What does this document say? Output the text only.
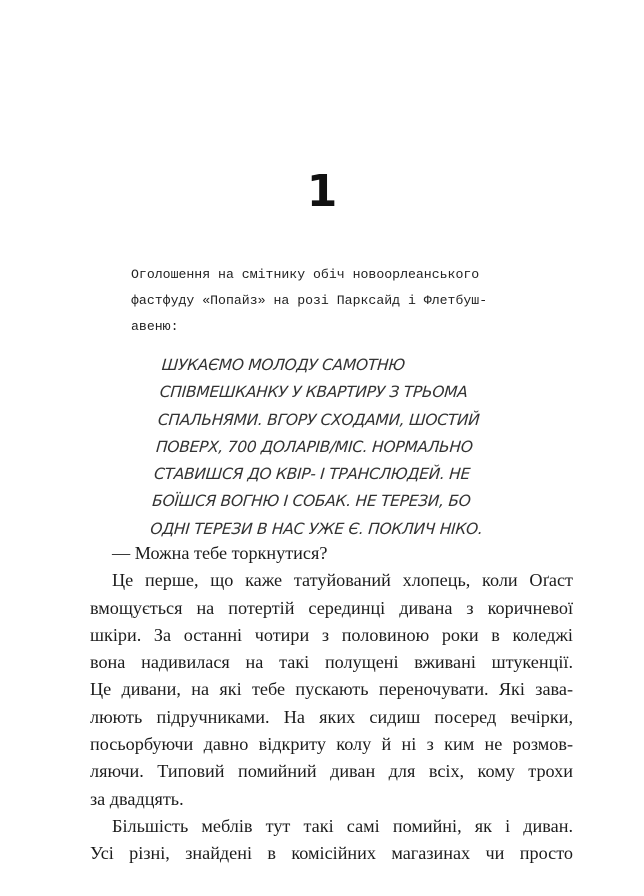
1
Оголошення на смітнику обіч новоорлеанського
фастфуду «Попайз» на розі Парксайд і Флетбуш-
авеню:
ШУКАЄМО МОЛОДУ САМОТНЮ
СПІВМЕШКАНКУ У КВАРТИРУ З ТРЬОМА
СПАЛЬНЯМИ. ВГОРУ СХОДАМИ, ШОСТИЙ
ПОВЕРХ, 700 ДОЛАРІВ/МІС. НОРМАЛЬНО
СТАВИШСЯ ДО КВІР- І ТРАНСЛЮДЕЙ. НЕ
БОЇШСЯ ВОГНЮ І СОБАК. НЕ ТЕРЕЗИ, БО
ОДНІ ТЕРЕЗИ В НАС УЖЕ Є. ПОКЛИЧ НІКО.
— Можна тебе торкнутися?
Це перше, що каже татуйований хлопець, коли Оґаст
вмощується на потертій серединці дивана з коричневої
шкіри. За останні чотири з половиною роки в коледжі
вона надивилася на такі полущені вживані штукенції.
Це дивани, на які тебе пускають переночувати. Які зава-
люють підручниками. На яких сидиш посеред вечірки,
посьорбуючи давно відкриту колу й ні з ким не розмов-
ляючи. Типовий помийний диван для всіх, кому трохи
за двадцять.
Більшість меблів тут такі самі помийні, як і диван.
Усі різні, знайдені в комісійних магазинах чи просто
